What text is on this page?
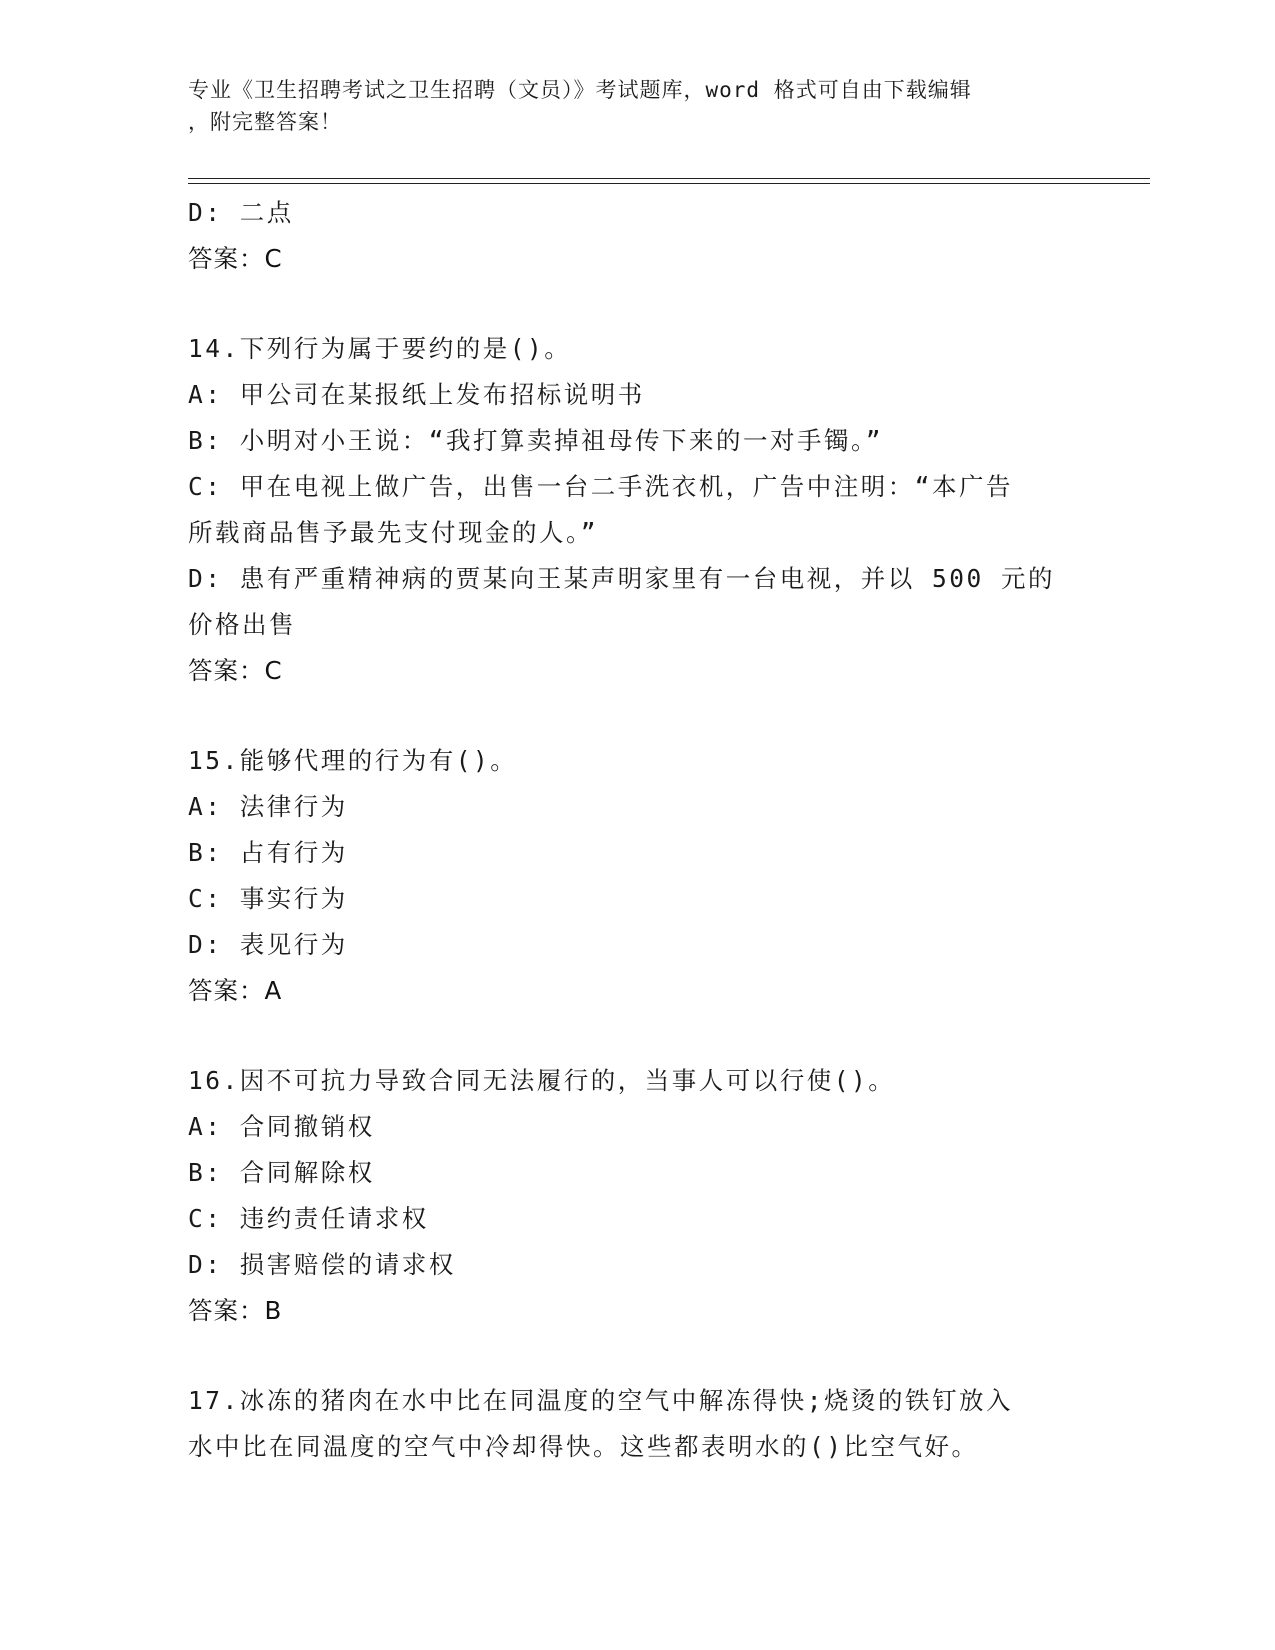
专业《卫生招聘考试之卫生招聘（文员）》考试题库，word 格式可自由下载编辑
，附完整答案！
D: 二点
答案：C
14.下列行为属于要约的是()。
A: 甲公司在某报纸上发布招标说明书
B: 小明对小王说：“我打算卖掉祖母传下来的一对手镯。”
C: 甲在电视上做广告，出售一台二手洗衣机，广告中注明：“本广告
所载商品售予最先支付现金的人。”
D: 患有严重精神病的贾某向王某声明家里有一台电视，并以 500 元的
价格出售
答案：C
15.能够代理的行为有()。
A: 法律行为
B: 占有行为
C: 事实行为
D: 表见行为
答案：A
16.因不可抗力导致合同无法履行的，当事人可以行使()。
A: 合同撤销权
B: 合同解除权
C: 违约责任请求权
D: 损害赔偿的请求权
答案：B
17.冰冻的猪肉在水中比在同温度的空气中解冻得快;烧烫的铁钉放入
水中比在同温度的空气中冷却得快。这些都表明水的()比空气好。
